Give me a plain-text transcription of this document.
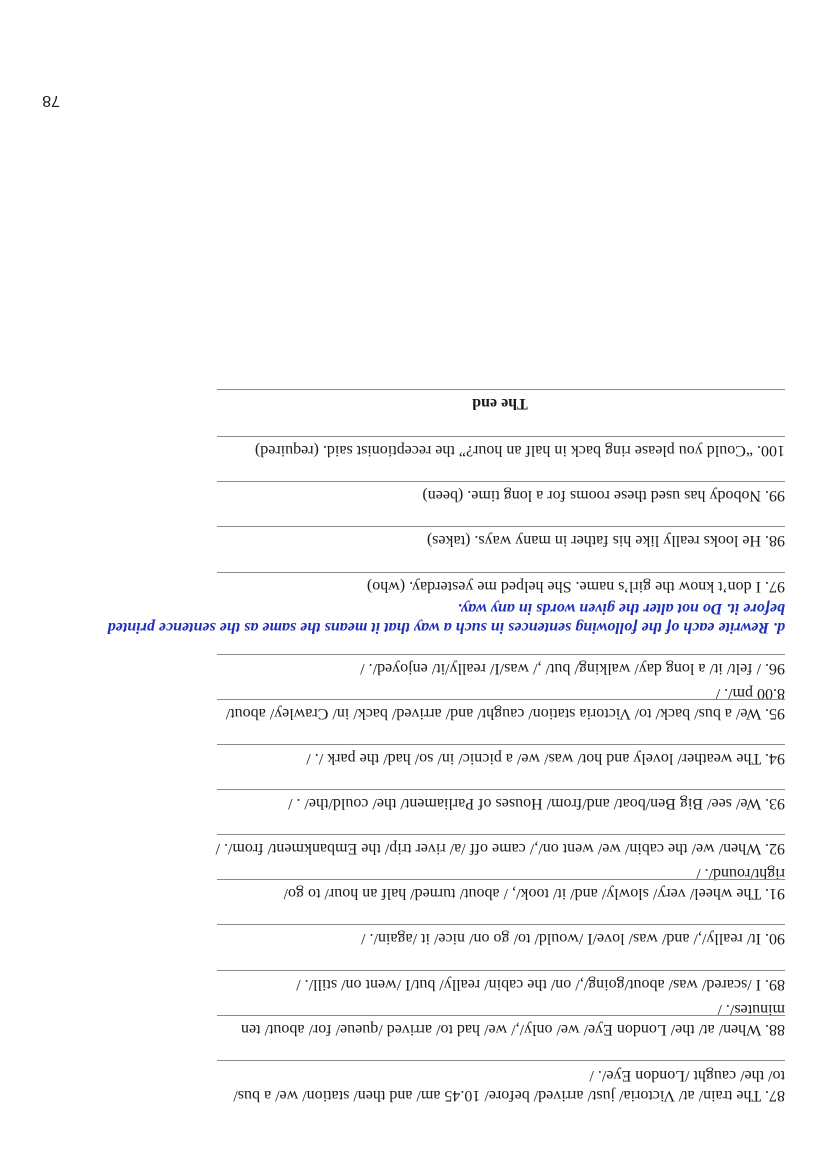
87. The train/ at/ Victoria/ just/ arrived/ before/ 10.45 am/ and then/ station/ we/ a bus/ to/ the/ caught /London Eye/. /
88. When/ at/ the/ London Eye/ we/ only/,/ we/ had to/ arrived /queue/ for/ about/ ten minutes/. /
89. I /scared/ was/ about/going/,/ on/ the cabin/ really/ but/I /went on/ still/. /
90. It/ really/,/ and/ was/ love/I /would/ to/ go on/ nice/ it /again/. /
91. The wheel/ very/ slowly/ and/ it/ took/, / about/ turned/ half an hour/ to go/ right/round/. /
92. When/ we/ the cabin/ we/ went on/,/ came off /a/ river trip/ the Embankment/ from/. /
93. We/ see/ Big Ben/boat/ and/from/ Houses of Parliament/ the/ could/the/ . /
94. The weather/ lovely and hot/ was/ we/ a picnic/ in/ so/ had/ the park /. /
95. We/ a bus/ back/ to/ Victoria station/ caught/ and/ arrived/ back/ in/ Crawley/ about/ 8.00 pm/. /
96. / felt/ it/ a long day/ walking/ but/ ,/ was/I/ really/it/ enjoyed/. /
d. Rewrite each of the following sentences in such a way that it means the same as the sentence printed before it. Do not alter the given words in any way.
97. I don’t know the girl’s name. She helped me yesterday. (who)
98. He looks really like his father in many ways. (takes)
99. Nobody has used these rooms for a long time. (been)
100. “Could you please ring back in half an hour?” the receptionist said. (required)
The end
78
